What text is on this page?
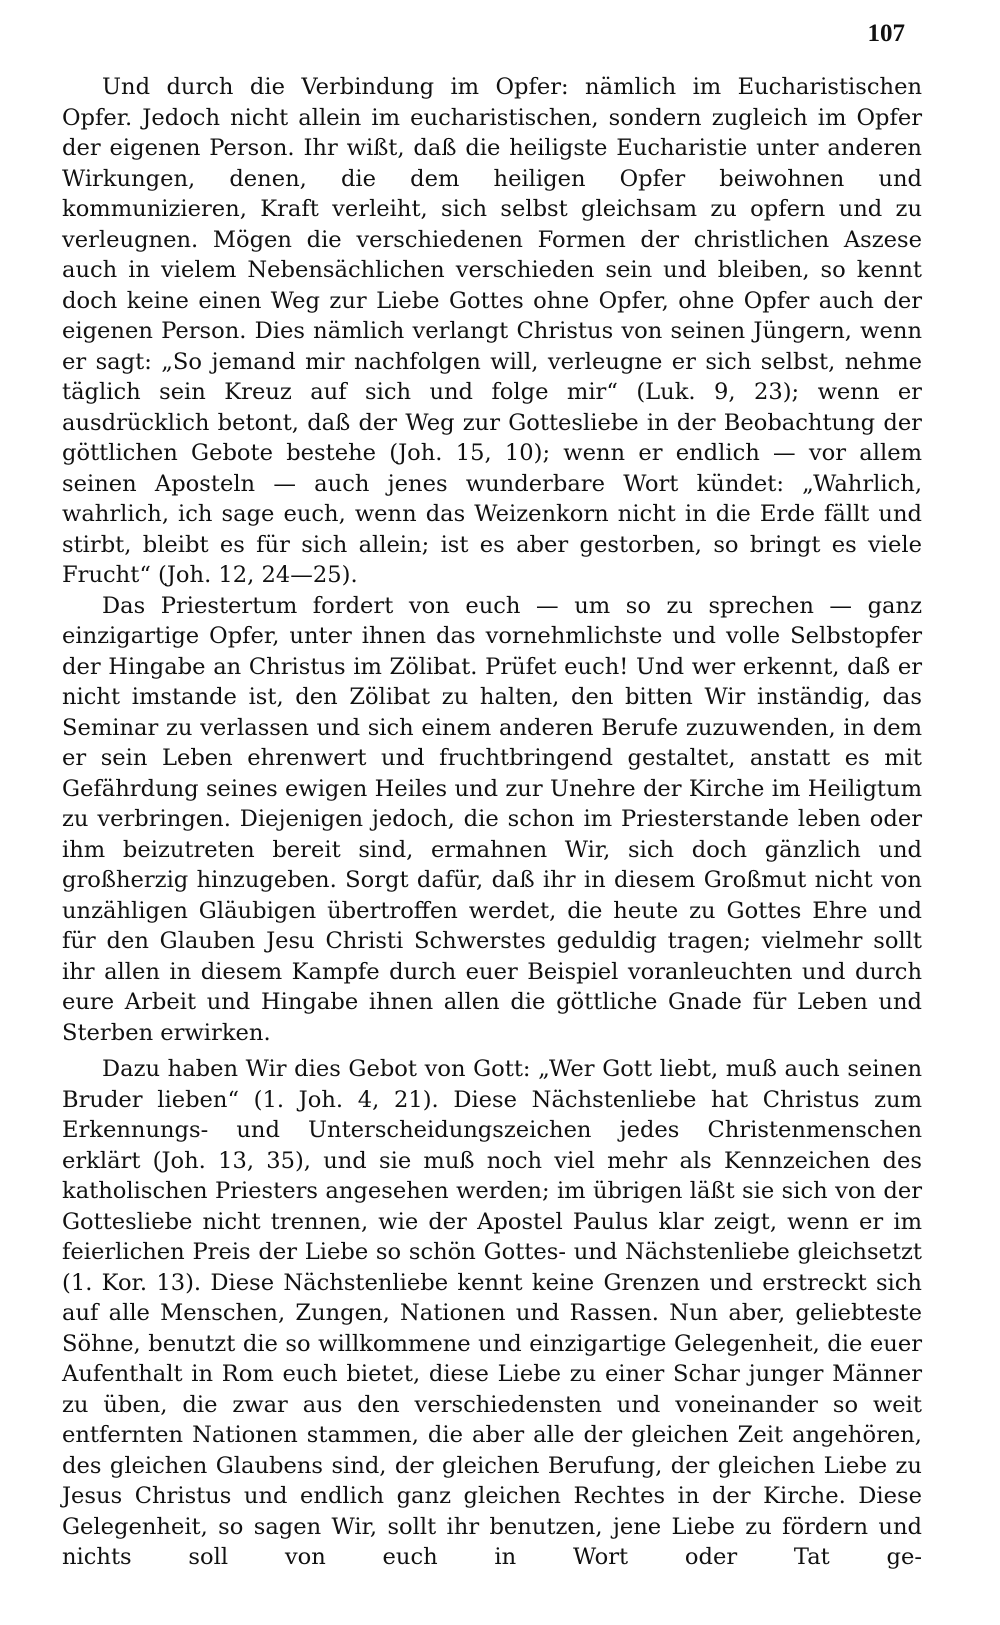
107

Und durch die Verbindung im Opfer: nämlich im Eucharistischen Opfer. Jedoch nicht allein im eucharistischen, sondern zugleich im Opfer der eigenen Person. Ihr wißt, daß die heiligste Eucharistie unter anderen Wirkungen, denen, die dem heiligen Opfer beiwohnen und kommunizieren, Kraft verleiht, sich selbst gleichsam zu opfern und zu verleugnen. Mögen die verschiedenen Formen der christlichen Aszese auch in vielem Nebensächlichen verschieden sein und bleiben, so kennt doch keine einen Weg zur Liebe Gottes ohne Opfer, ohne Opfer auch der eigenen Person. Dies nämlich verlangt Christus von seinen Jüngern, wenn er sagt: „So jemand mir nachfolgen will, verleugne er sich selbst, nehme täglich sein Kreuz auf sich und folge mir“ (Luk. 9, 23); wenn er ausdrücklich betont, daß der Weg zur Gottesliebe in der Beobachtung der göttlichen Gebote bestehe (Joh. 15, 10); wenn er endlich — vor allem seinen Aposteln — auch jenes wunderbare Wort kündet: „Wahrlich, wahrlich, ich sage euch, wenn das Weizenkorn nicht in die Erde fällt und stirbt, bleibt es für sich allein; ist es aber gestorben, so bringt es viele Frucht“ (Joh. 12, 24—25).

Das Priestertum fordert von euch — um so zu sprechen — ganz einzigartige Opfer, unter ihnen das vornehmlichste und volle Selbstopfer der Hingabe an Christus im Zölibat. Prüfet euch! Und wer erkennt, daß er nicht imstande ist, den Zölibat zu halten, den bitten Wir inständig, das Seminar zu verlassen und sich einem anderen Berufe zuzuwenden, in dem er sein Leben ehrenwert und fruchtbringend gestaltet, anstatt es mit Gefährdung seines ewigen Heiles und zur Unehre der Kirche im Heiligtum zu verbringen. Diejenigen jedoch, die schon im Priesterstande leben oder ihm beizutreten bereit sind, ermahnen Wir, sich doch gänzlich und großherzig hinzugeben. Sorgt dafür, daß ihr in diesem Großmut nicht von unzähligen Gläubigen übertroffen werdet, die heute zu Gottes Ehre und für den Glauben Jesu Christi Schwerstes geduldig tragen; vielmehr sollt ihr allen in diesem Kampfe durch euer Beispiel voranleuchten und durch eure Arbeit und Hingabe ihnen allen die göttliche Gnade für Leben und Sterben erwirken.

Dazu haben Wir dies Gebot von Gott: „Wer Gott liebt, muß auch seinen Bruder lieben“ (1. Joh. 4, 21). Diese Nächstenliebe hat Christus zum Erkennungs- und Unterscheidungszeichen jedes Christenmenschen erklärt (Joh. 13, 35), und sie muß noch viel mehr als Kennzeichen des katholischen Priesters angesehen werden; im übrigen läßt sie sich von der Gottesliebe nicht trennen, wie der Apostel Paulus klar zeigt, wenn er im feierlichen Preis der Liebe so schön Gottes- und Nächstenliebe gleichsetzt (1. Kor. 13). Diese Nächstenliebe kennt keine Grenzen und erstreckt sich auf alle Menschen, Zungen, Nationen und Rassen. Nun aber, geliebteste Söhne, benutzt die so willkommene und einzigartige Gelegenheit, die euer Aufenthalt in Rom euch bietet, diese Liebe zu einer Schar junger Männer zu üben, die zwar aus den verschiedensten und voneinander so weit entfernten Nationen stammen, die aber alle der gleichen Zeit angehören, des gleichen Glaubens sind, der gleichen Berufung, der gleichen Liebe zu Jesus Christus und endlich ganz gleichen Rechtes in der Kirche. Diese Gelegenheit, so sagen Wir, sollt ihr benutzen, jene Liebe zu fördern und nichts soll von euch in Wort oder Tat ge-
